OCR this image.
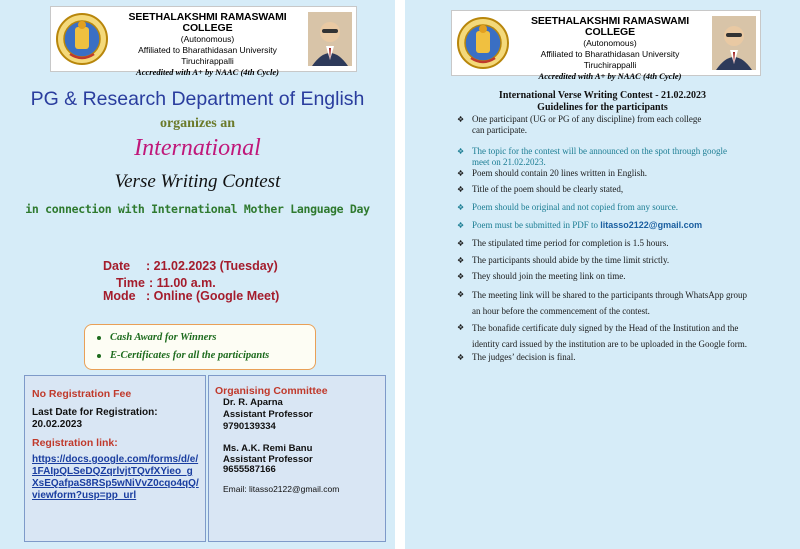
SEETHALAKSHMI RAMASWAMI COLLEGE
(Autonomous)
Affiliated to Bharathidasan University
Tiruchirappalli
Accredited with A+ by NAAC (4th Cycle)
PG & Research Department of English
organizes an
International
Verse Writing Contest
in connection with International Mother Language Day
Date : 21.02.2023 (Tuesday)
Time : 11.00 a.m.
Mode : Online (Google Meet)
Cash Award for Winners
E-Certificates for all the participants
No Registration Fee
Last Date for Registration:
20.02.2023
Registration link:
https://docs.google.com/forms/d/e/
1FAIpQLSeDQZqrlvjtTQvfXYieo_g
XsEQafpaS8RSp5wNiVvZ0cqo4qQ/
viewform?usp=pp_url
Organising Committee
Dr. R. Aparna
Assistant Professor
9790139334
Ms. A.K. Remi Banu
Assistant Professor
9655587166
Email: litasso2122@gmail.com
SEETHALAKSHMI RAMASWAMI COLLEGE
(Autonomous)
Affiliated to Bharathidasan University
Tiruchirappalli
Accredited with A+ by NAAC (4th Cycle)
International Verse Writing Contest - 21.02.2023
Guidelines for the participants
❖ One participant (UG or PG of any discipline) from each college
can participate.
❖ The topic for the contest will be announced on the spot through google
meet on 21.02.2023.
❖ Poem should contain 20 lines written in English.
❖ Title of the poem should be clearly stated,
❖ Poem should be original and not copied from any source.
❖ Poem must be submitted in PDF to litasso2122@gmail.com
❖ The stipulated time period for completion is 1.5 hours.
❖ The participants should abide by the time limit strictly.
❖ They should join the meeting link on time.
❖ The meeting link will be shared to the participants through WhatsApp group
an hour before the commencement of the contest.
❖ The bonafide certificate duly signed by the Head of the Institution and the
identity card issued by the institution are to be uploaded in the Google form.
❖ The judges’ decision is final.
